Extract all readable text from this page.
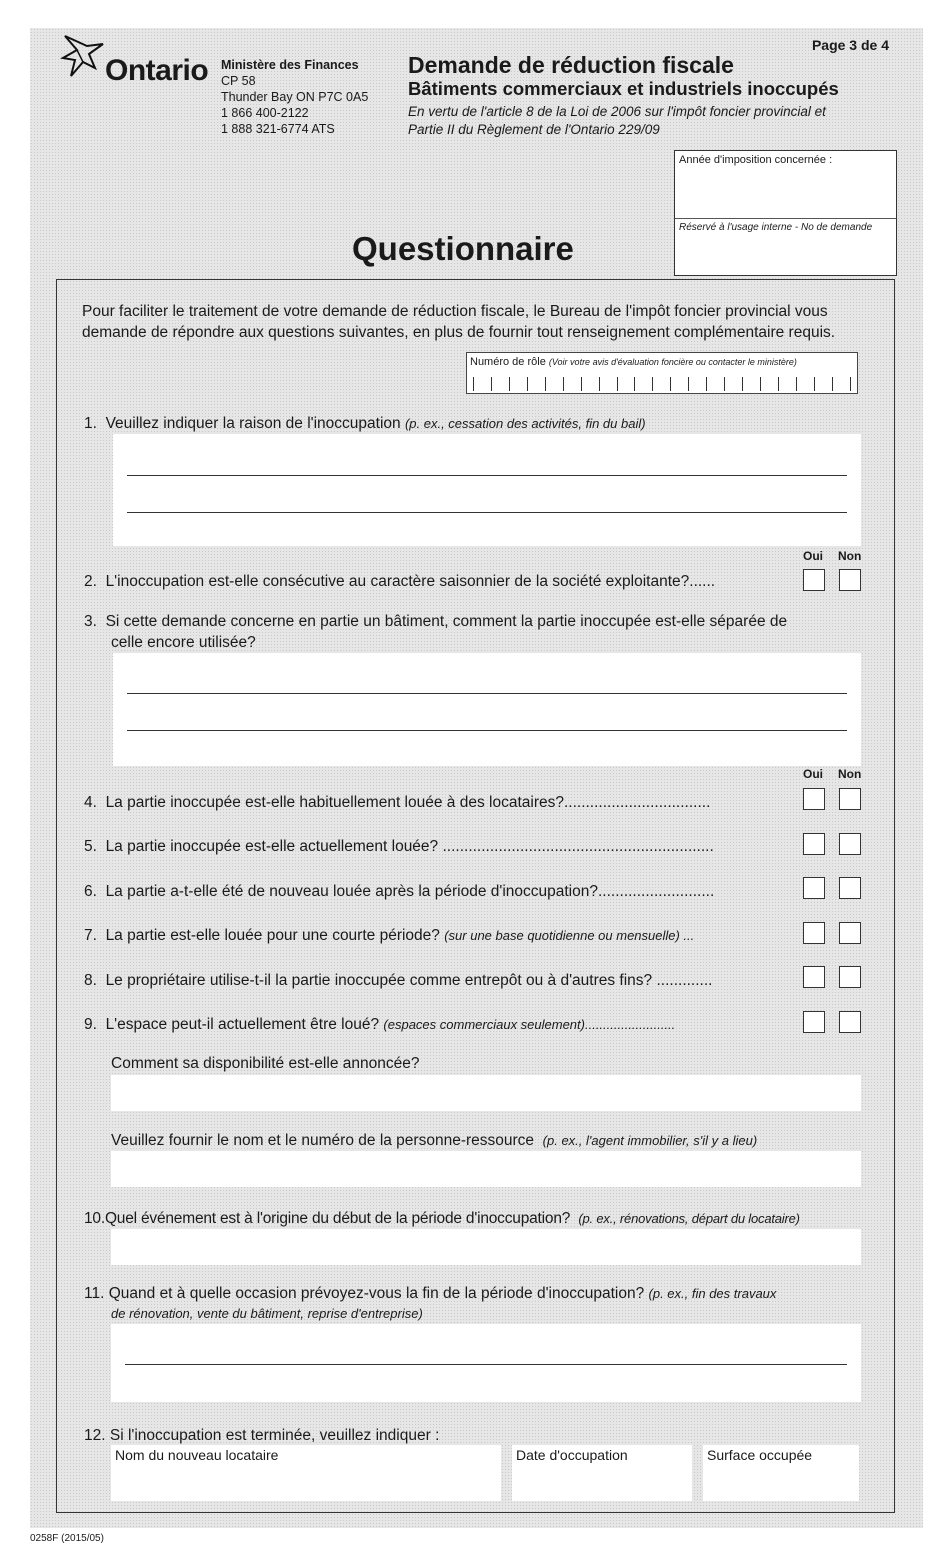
Ontario Ministère des Finances
CP 58
Thunder Bay ON P7C 0A5
1 866 400-2122
1 888 321-6774 ATS
Page 3 de 4
Demande de réduction fiscale
Bâtiments commerciaux et industriels inoccupés
En vertu de l'article 8 de la Loi de 2006 sur l'impôt foncier provincial et
Partie II du Règlement de l'Ontario 229/09
Année d'imposition concernée :
Réservé à l'usage interne - No de demande
Questionnaire
Pour faciliter le traitement de votre demande de réduction fiscale, le Bureau de l'impôt foncier provincial vous demande de répondre aux questions suivantes, en plus de fournir tout renseignement complémentaire requis.
Numéro de rôle (Voir votre avis d'évaluation foncière ou contacter le ministère)
1. Veuillez indiquer la raison de l'inoccupation (p. ex., cessation des activités, fin du bail)
Oui Non
2. L'inoccupation est-elle consécutive au caractère saisonnier de la société exploitante?......
3. Si cette demande concerne en partie un bâtiment, comment la partie inoccupée est-elle séparée de
celle encore utilisée?
Oui Non
4. La partie inoccupée est-elle habituellement louée à des locataires?..................................
5. La partie inoccupée est-elle actuellement louée? ...............................................................
6. La partie a-t-elle été de nouveau louée après la période d'inoccupation?...........................
7. La partie est-elle louée pour une courte période? (sur une base quotidienne ou mensuelle) ...
8. Le propriétaire utilise-t-il la partie inoccupée comme entrepôt ou à d'autres fins? .............
9. L'espace peut-il actuellement être loué? (espaces commerciaux seulement).........................
Comment sa disponibilité est-elle annoncée?
Veuillez fournir le nom et le numéro de la personne-ressource (p. ex., l'agent immobilier, s'il y a lieu)
10.Quel événement est à l'origine du début de la période d'inoccupation? (p. ex., rénovations, départ du locataire)
11. Quand et à quelle occasion prévoyez-vous la fin de la période d'inoccupation? (p. ex., fin des travaux
de rénovation, vente du bâtiment, reprise d'entreprise)
12. Si l'inoccupation est terminée, veuillez indiquer :
Nom du nouveau locataire	Date d'occupation	Surface occupée
0258F (2015/05)
